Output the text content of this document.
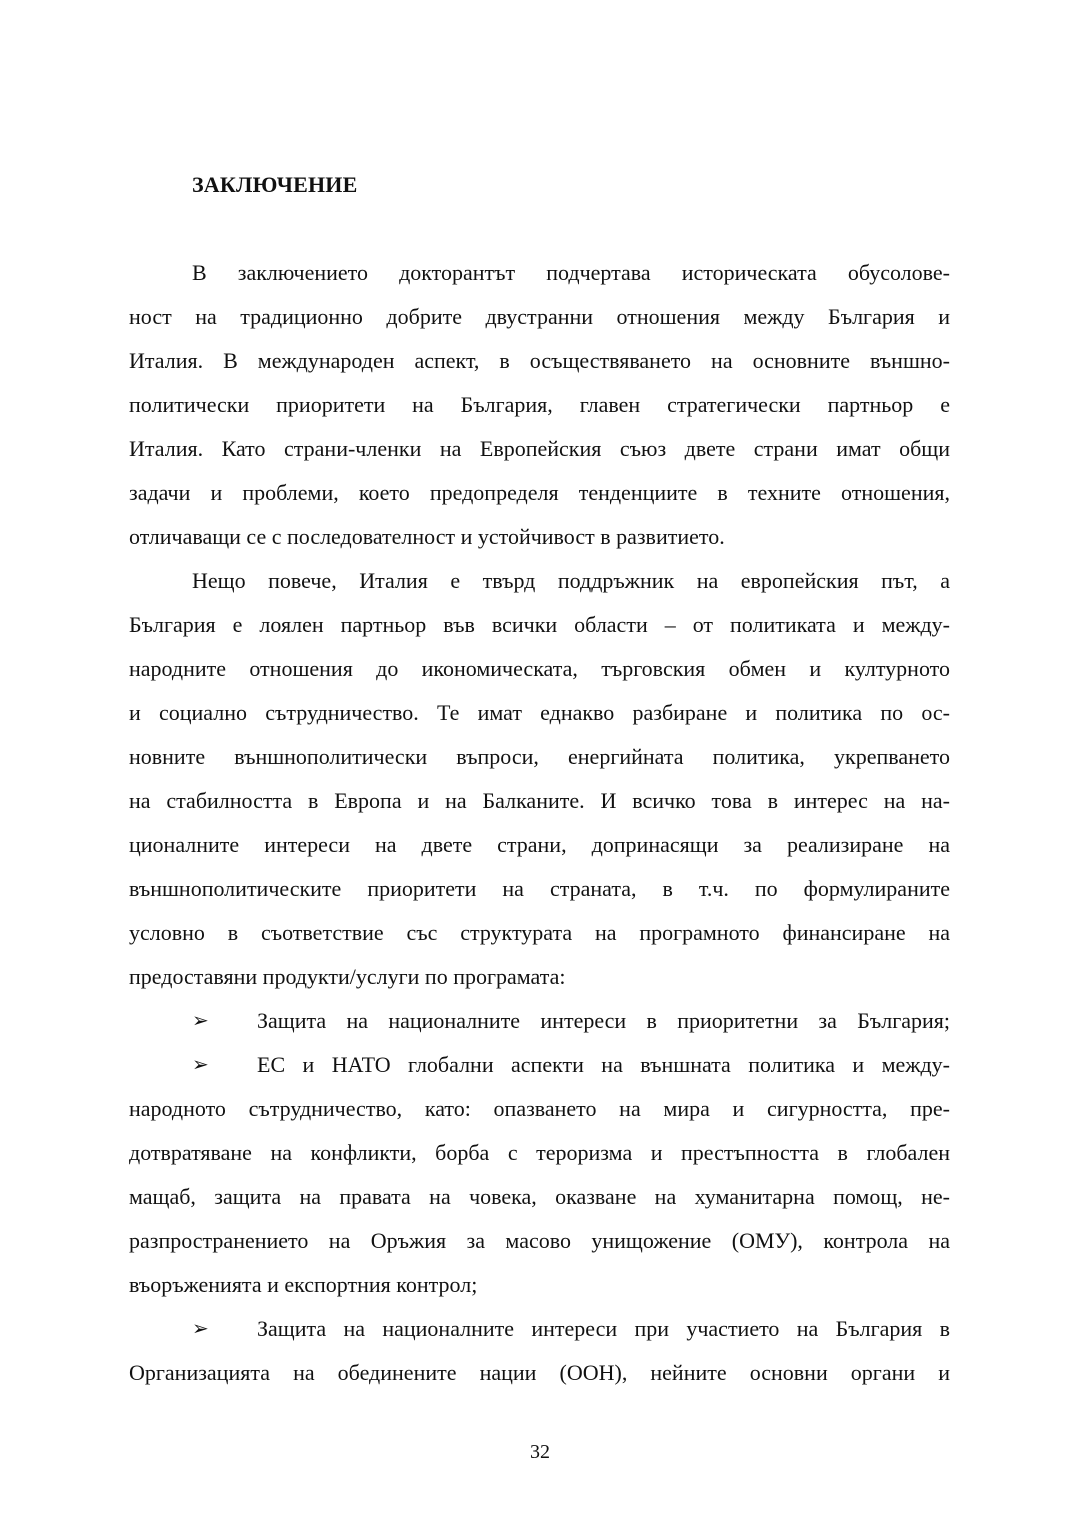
ЗАКЛЮЧЕНИЕ

В заключението докторантът подчертава историческата обусолове-

ност на традиционно добрите двустранни отношения между България и

Италия. В международен аспект, в осъществяването на основните външно-

политически приоритети на България, главен стратегически партньор е

Италия. Като страни-членки на Европейския съюз двете страни имат общи

задачи и проблеми, което предопределя тенденциите в техните отношения,

отличаващи се с последователност и устойчивост в развитието.

Нещо повече, Италия е твърд поддръжник на европейския път, а

България е лоялен партньор във всички области – от политиката и между-

народните отношения до икономическата, търговския обмен и културното

и социално сътрудничество. Те имат еднакво разбиране и политика по ос-

новните външнополитически въпроси, енергийната политика, укрепването

на стабилността в Европа и на Балканите. И всичко това в интерес на на-

ционалните интереси на двете страни, допринасящи за реализиране на

външнополитическите приоритети на страната, в т.ч. по формулираните

условно в съответствие със структурата на програмното финансиране на

предоставяни продукти/услуги по програмата:

➢ Защита на националните интереси в приоритетни за България;
➢ ЕС и НАТО глобални аспекти на външната политика и между-

народното сътрудничество, като: опазването на мира и сигурността, пре-

дотвратяване на конфликти, борба с тероризма и престъпността в глобален

мащаб, защита на правата на човека, оказване на хуманитарна помощ, не-

разпространението на Оръжия за масово унищожение (ОМУ), контрола на

въоръженията и експортния контрол;

➢ Защита на националните интереси при участието на България в

Организацията на обединените нации (ООН), нейните основни органи и

32
